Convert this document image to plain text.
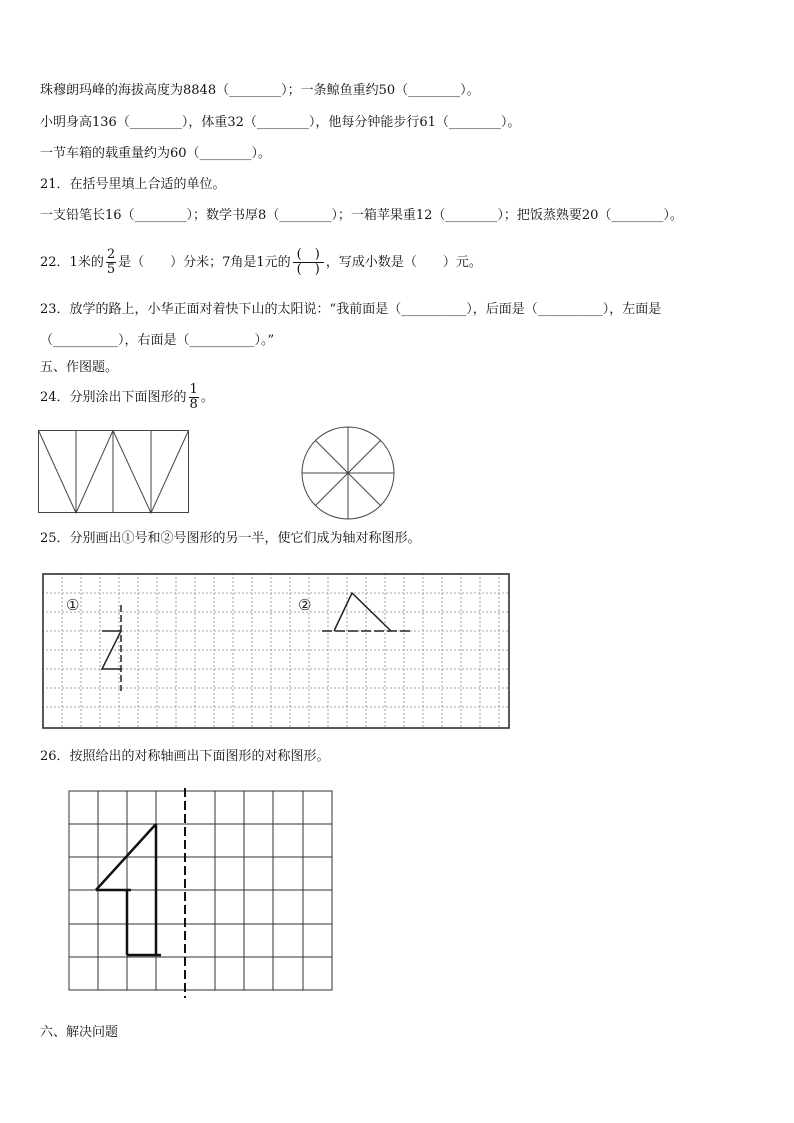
珠穆朗玛峰的海拔高度为8848（________）；一条鲸鱼重约50（________）。
小明身高136（________），体重32（________），他每分钟能步行61（________）。
一节车箱的载重量约为60（________）。
21．在括号里填上合适的单位。
一支铅笔长16（________）；数学书厚8（________）；一箱苹果重12（________）；把饭蒸熟要20（________）。
22．1米的 $\frac{2}{5}$ 是（　　）分米；7角是1元的 $\frac{( )}{( )}$ ，写成小数是（　　）元。
23．放学的路上，小华正面对着快下山的太阳说：“我前面是（__________），后面是（__________），左面是
（__________），右面是（__________）。”
五、作图题。
24．分别涂出下面图形的 $\frac{1}{8}$ 。
25．分别画出①号和②号图形的另一半，使它们成为轴对称图形。
①	②
26．按照给出的对称轴画出下面图形的对称图形。
六、解决问题
